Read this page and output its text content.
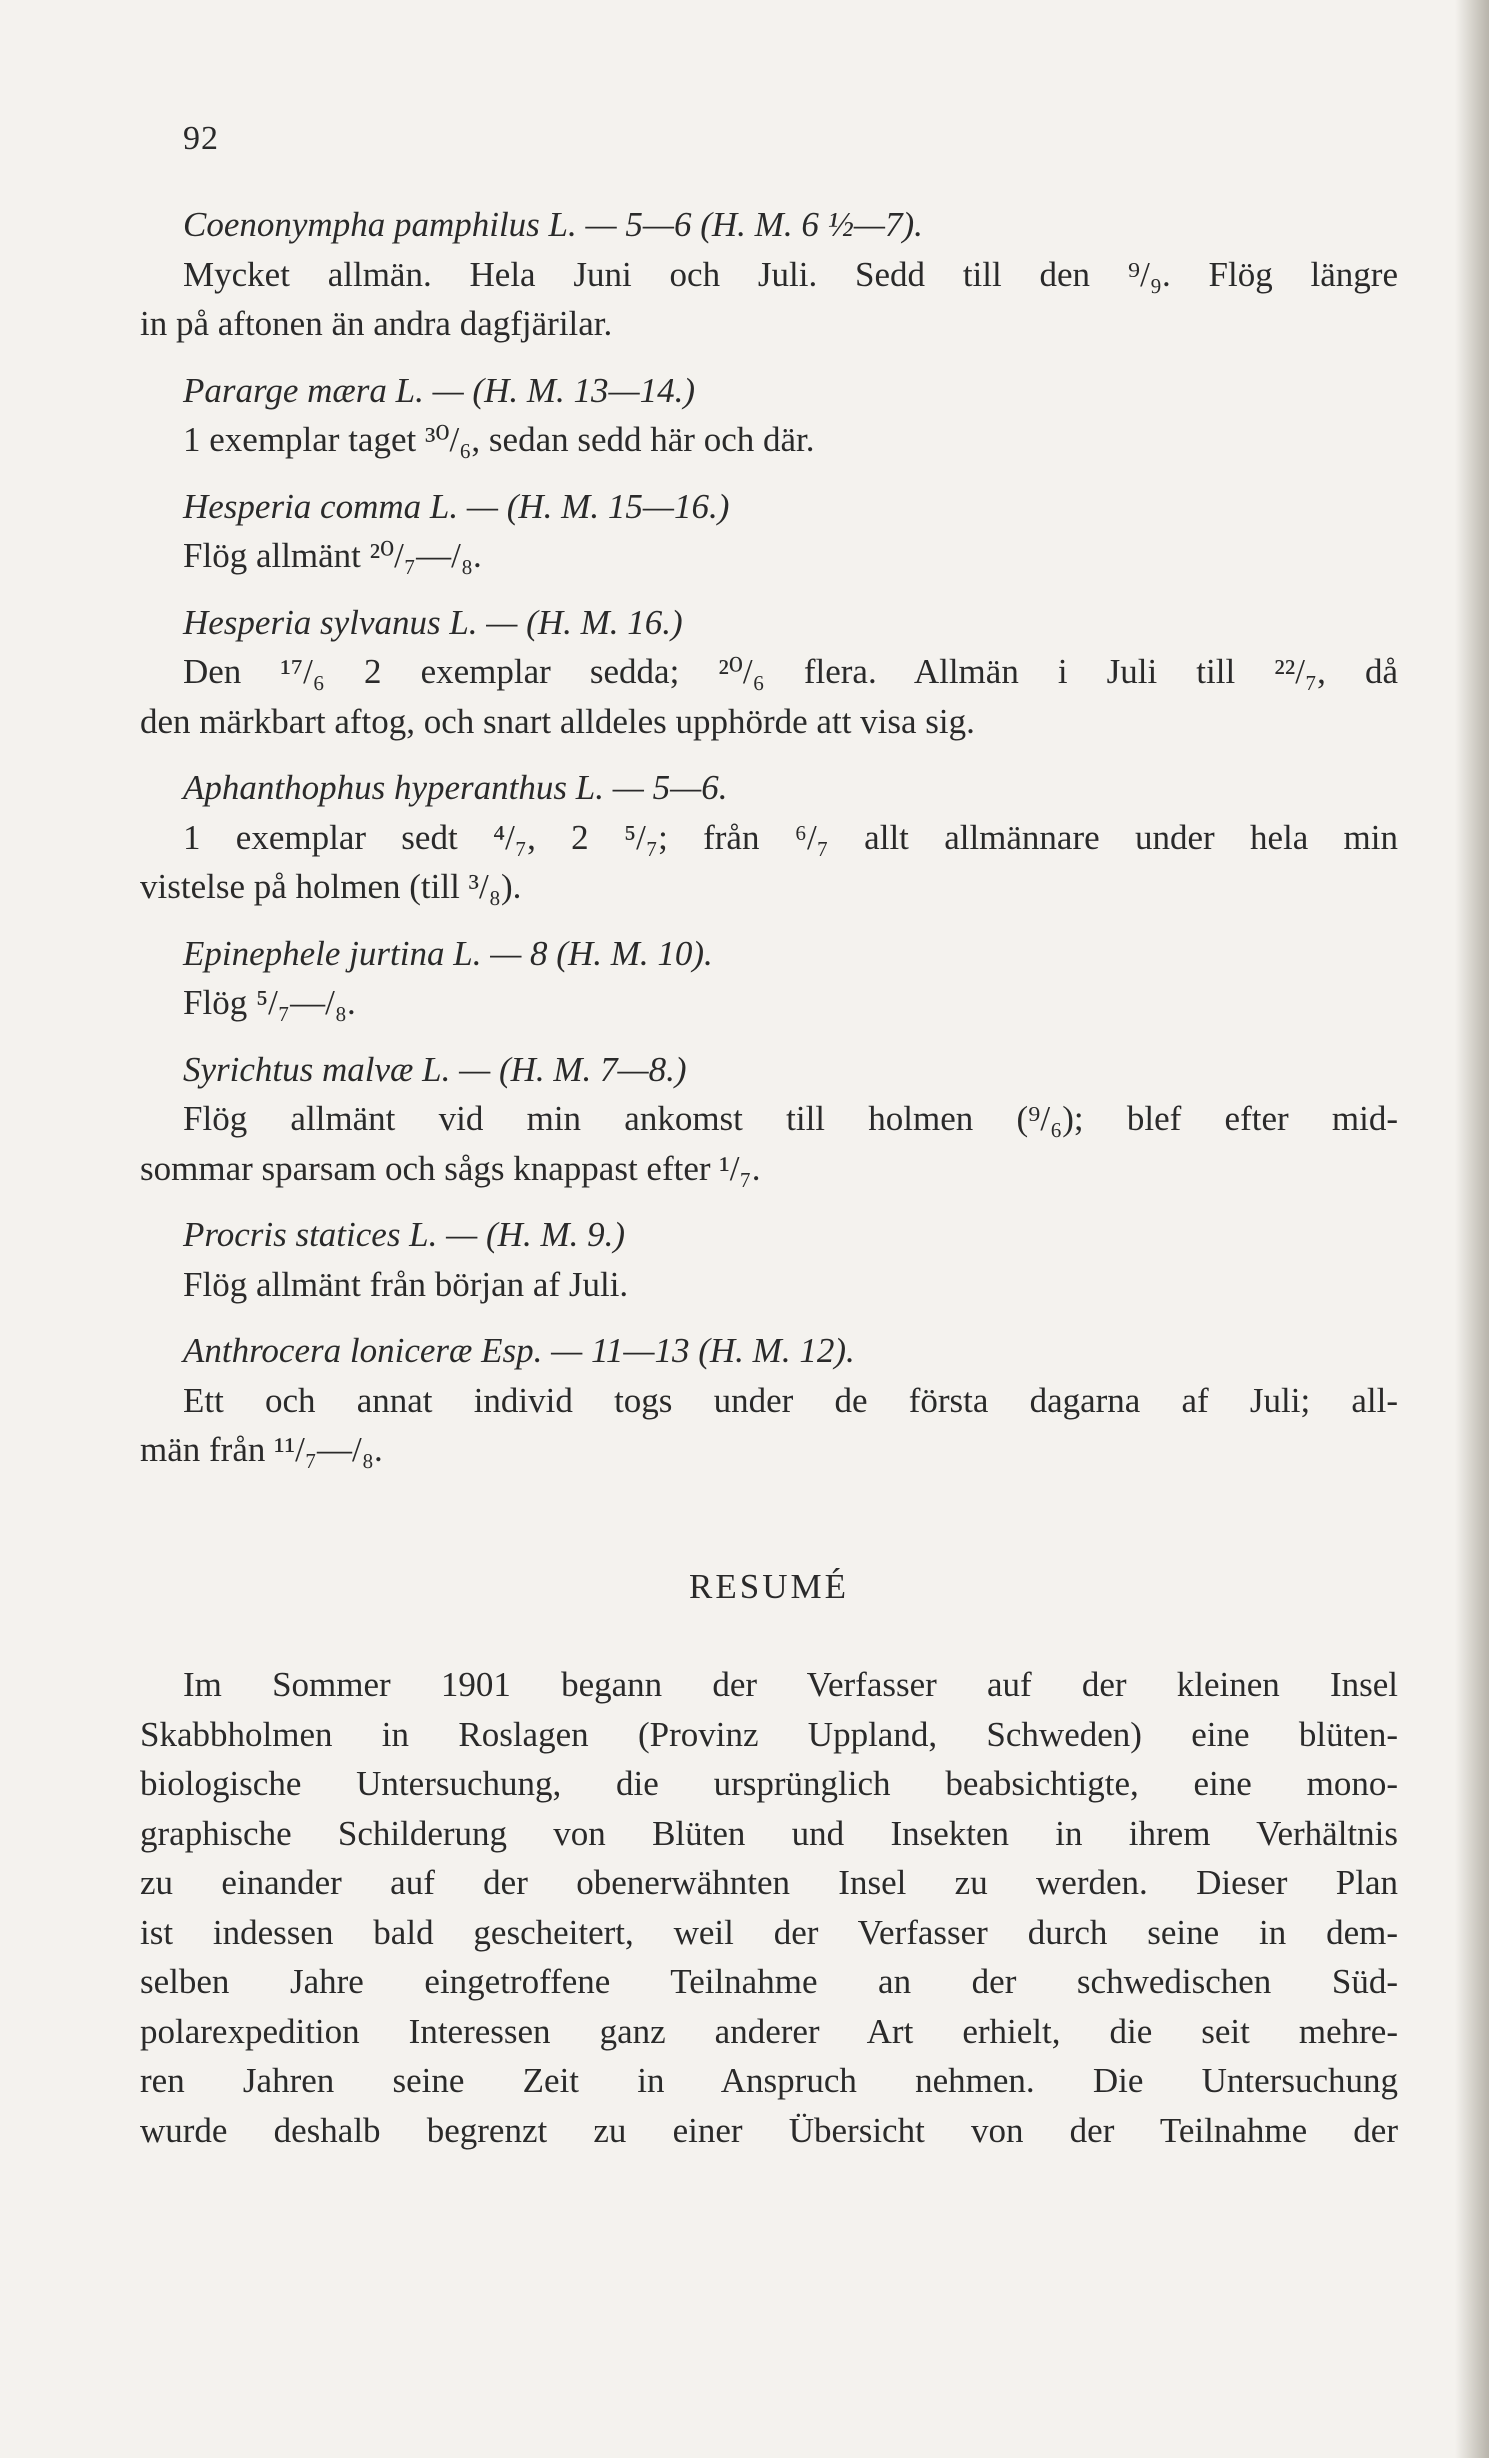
92
Coenonympha pamphilus L. — 5—6 (H. M. 6 ½—7).
Mycket allmän. Hela Juni och Juli. Sedd till den ⁹/₉. Flög längre
in på aftonen än andra dagfjärilar.
Pararge mæra L. — (H. M. 13—14.)
1 exemplar taget ³⁰/₆, sedan sedd här och där.
Hesperia comma L. — (H. M. 15—16.)
Flög allmänt ²⁰/₇—/₈.
Hesperia sylvanus L. — (H. M. 16.)
Den ¹⁷/₆ 2 exemplar sedda; ²⁰/₆ flera. Allmän i Juli till ²²/₇, då
den märkbart aftog, och snart alldeles upphörde att visa sig.
Aphanthophus hyperanthus L. — 5—6.
1 exemplar sedt ⁴/₇, 2 ⁵/₇; från ⁶/₇ allt allmännare under hela min
vistelse på holmen (till ³/₈).
Epinephele jurtina L. — 8 (H. M. 10).
Flög ⁵/₇—/₈.
Syrichtus malvæ L. — (H. M. 7—8.)
Flög allmänt vid min ankomst till holmen (⁹/₆); blef efter mid-
sommar sparsam och sågs knappast efter ¹/₇.
Procris statices L. — (H. M. 9.)
Flög allmänt från början af Juli.
Anthrocera loniceræ Esp. — 11—13 (H. M. 12).
Ett och annat individ togs under de första dagarna af Juli; all-
män från ¹¹/₇—/₈.
RESUMÉ
Im Sommer 1901 begann der Verfasser auf der kleinen Insel
Skabbholmen in Roslagen (Provinz Uppland, Schweden) eine blüten-
biologische Untersuchung, die ursprünglich beabsichtigte, eine mono-
graphische Schilderung von Blüten und Insekten in ihrem Verhältnis
zu einander auf der obenerwähnten Insel zu werden. Dieser Plan
ist indessen bald gescheitert, weil der Verfasser durch seine in dem-
selben Jahre eingetroffene Teilnahme an der schwedischen Süd-
polarexpedition Interessen ganz anderer Art erhielt, die seit mehre-
ren Jahren seine Zeit in Anspruch nehmen. Die Untersuchung
wurde deshalb begrenzt zu einer Übersicht von der Teilnahme der
